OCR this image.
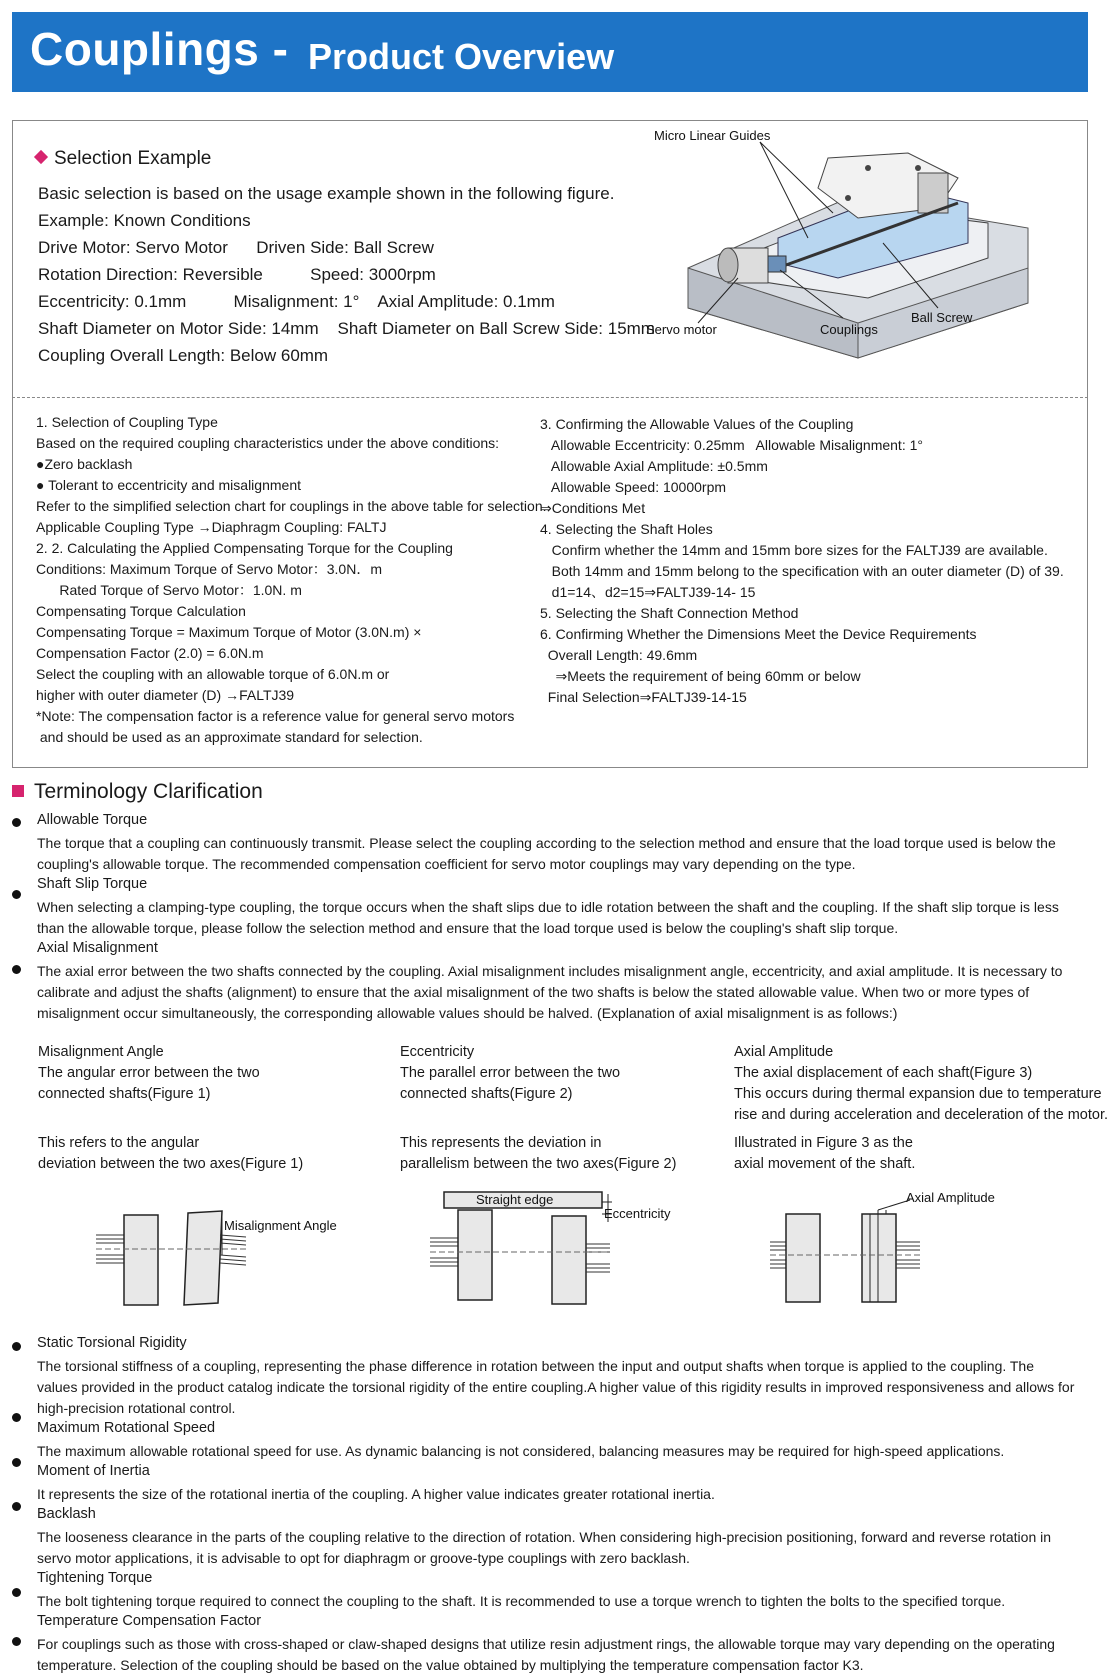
Couplings - Product Overview
Selection Example
Basic selection is based on the usage example shown in the following figure.
Example: Known Conditions
Drive Motor: Servo Motor      Driven Side: Ball Screw
Rotation Direction: Reversible          Speed: 3000rpm
Eccentricity: 0.1mm          Misalignment: 1°    Axial Amplitude: 0.1mm
Shaft Diameter on Motor Side: 14mm    Shaft Diameter on Ball Screw Side: 15mm
Coupling Overall Length: Below 60mm
Micro Linear Guides
Servo motor	Couplings
Ball Screw
1. Selection of Coupling Type
Based on the required coupling characteristics under the above conditions:
●Zero backlash
● Tolerant to eccentricity and misalignment
Refer to the simplified selection chart for couplings in the above table for selection.
Applicable Coupling Type →Diaphragm Coupling: FALTJ
2. 2. Calculating the Applied Compensating Torque for the Coupling
Conditions: Maximum Torque of Servo Motor：3.0N．m
Rated Torque of Servo Motor：1.0N. m
Compensating Torque Calculation
Compensating Torque = Maximum Torque of Motor (3.0N.m) ×
Compensation Factor (2.0) = 6.0N.m
Select the coupling with an allowable torque of 6.0N.m or
higher with outer diameter (D) →FALTJ39
*Note: The compensation factor is a reference value for general servo motors
and should be used as an approximate standard for selection.
3. Confirming the Allowable Values of the Coupling
Allowable Eccentricity: 0.25mm   Allowable Misalignment: 1°
Allowable Axial Amplitude: ±0.5mm
Allowable Speed: 10000rpm
⇒Conditions Met
4. Selecting the Shaft Holes
Confirm whether the 14mm and 15mm bore sizes for the FALTJ39 are available.
Both 14mm and 15mm belong to the specification with an outer diameter (D) of 39.
d1=14、d2=15⇒FALTJ39-14- 15
5. Selecting the Shaft Connection Method
6. Confirming Whether the Dimensions Meet the Device Requirements
Overall Length: 49.6mm
⇒Meets the requirement of being 60mm or below
Final Selection⇒FALTJ39-14-15
Terminology Clarification
Allowable Torque
The torque that a coupling can continuously transmit. Please select the coupling according to the selection method and ensure that the load torque used is below the coupling's allowable torque. The recommended compensation coefficient for servo motor couplings may vary depending on the type.
Shaft Slip Torque
When selecting a clamping-type coupling, the torque occurs when the shaft slips due to idle rotation between the shaft and the coupling. If the shaft slip torque is less than the allowable torque, please follow the selection method and ensure that the load torque used is below the coupling's shaft slip torque.
Axial Misalignment
The axial error between the two shafts connected by the coupling. Axial misalignment includes misalignment angle, eccentricity, and axial amplitude. It is necessary to calibrate and adjust the shafts (alignment) to ensure that the axial misalignment of the two shafts is below the stated allowable value. When two or more types of misalignment occur simultaneously, the corresponding allowable values should be halved. (Explanation of axial misalignment is as follows:)
Misalignment Angle
The angular error between the two
connected shafts(Figure 1)
This refers to the angular
deviation between the two axes(Figure 1)
Eccentricity
The parallel error between the two
connected shafts(Figure 2)
This represents the deviation in
parallelism between the two axes(Figure 2)
Axial Amplitude
The axial displacement of each shaft(Figure 3)
This occurs during thermal expansion due to temperature
rise and during acceleration and deceleration of the motor.
Illustrated in Figure 3 as the
axial movement of the shaft.
Misalignment Angle
Straight edge
Eccentricity
Axial Amplitude
Static Torsional Rigidity
The torsional stiffness of a coupling, representing the phase difference in rotation between the input and output shafts when torque is applied to the coupling. The values provided in the product catalog indicate the torsional rigidity of the entire coupling.A higher value of this rigidity results in improved responsiveness and allows for high-precision rotational control.
Maximum Rotational Speed
The maximum allowable rotational speed for use. As dynamic balancing is not considered, balancing measures may be required for high-speed applications.
Moment of Inertia
It represents the size of the rotational inertia of the coupling. A higher value indicates greater rotational inertia.
Backlash
The looseness clearance in the parts of the coupling relative to the direction of rotation. When considering high-precision positioning, forward and reverse rotation in servo motor applications, it is advisable to opt for diaphragm or groove-type couplings with zero backlash.
Tightening Torque
The bolt tightening torque required to connect the coupling to the shaft. It is recommended to use a torque wrench to tighten the bolts to the specified torque.
Temperature Compensation Factor
For couplings such as those with cross-shaped or claw-shaped designs that utilize resin adjustment rings, the allowable torque may vary depending on the operating temperature. Selection of the coupling should be based on the value obtained by multiplying the temperature compensation factor K3.
